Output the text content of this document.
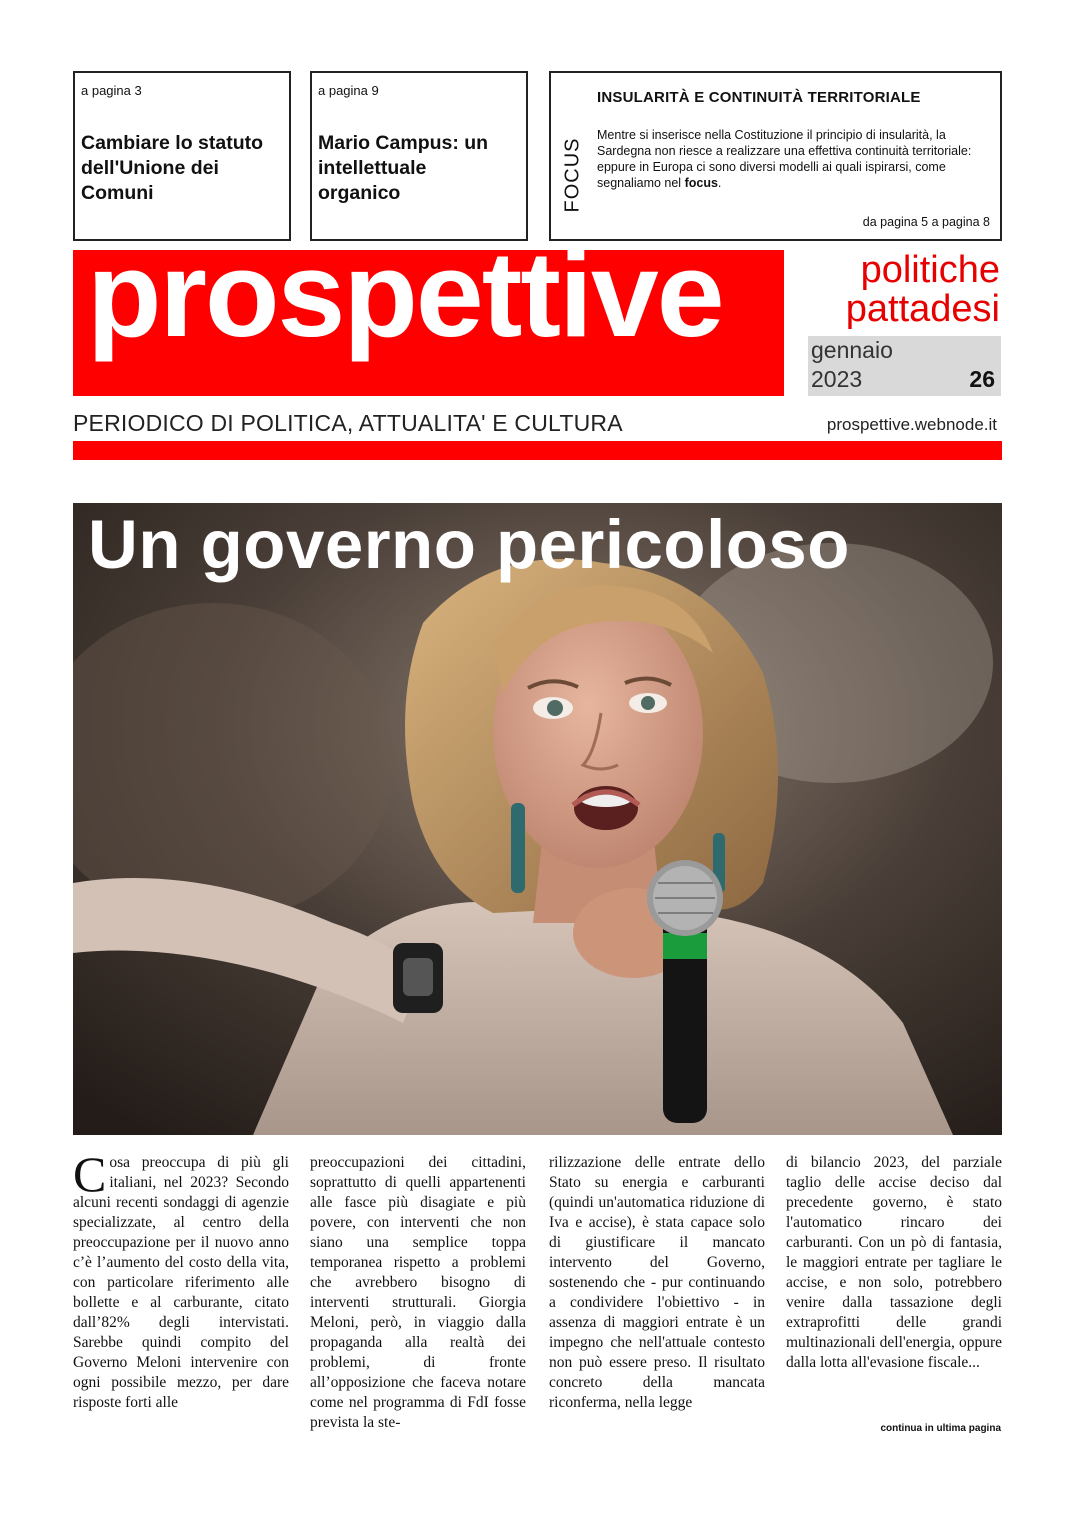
a pagina 3
Cambiare lo statuto dell'Unione dei Comuni
a pagina 9
Mario Campus: un intellettuale organico	FOCUS
INSULARITÀ E CONTINUITÀ TERRITORIALE
Mentre si inserisce nella Costituzione il principio di insularità, la Sardegna non riesce a realizzare una effettiva continuità territoriale: eppure in Europa ci sono diversi modelli ai quali ispirarsi, come segnaliamo nel focus.
da pagina 5 a pagina 8
prospettive	politiche
pattadesi
gennaio
2023	26
PERIODICO DI POLITICA, ATTUALITA' E CULTURA	prospettive.webnode.it
Un governo pericoloso
Cosa preoccupa di più gli italiani, nel 2023? Secondo alcuni recenti sondaggi di agenzie specializzate, al centro della preoccupazione per il nuovo anno c’è l’aumento del costo della vita, con particolare riferimento alle bollette e al carburante, citato dall’82% degli intervistati. Sarebbe quindi compito del Governo Meloni intervenire con ogni possibile mezzo, per dare risposte forti alle
preoccupazioni dei cittadini, soprattutto di quelli appartenenti alle fasce più disagiate e più povere, con interventi che non siano una semplice toppa temporanea rispetto a problemi che avrebbero bisogno di interventi strutturali. Giorgia Meloni, però, in viaggio dalla propaganda alla realtà dei problemi, di fronte all’opposizione che faceva notare come nel programma di FdI fosse prevista la ste-
rilizzazione delle entrate dello Stato su energia e carburanti (quindi un'automatica riduzione di Iva e accise), è stata capace solo di giustificare il mancato intervento del Governo, sostenendo che - pur continuando a condividere l'obiettivo - in assenza di maggiori entrate è un impegno che nell'attuale contesto non può essere preso. Il risultato concreto della mancata riconferma, nella legge
di bilancio 2023, del parziale taglio delle accise deciso dal precedente governo, è stato l'automatico rincaro dei carburanti. Con un pò di fantasia, le maggiori entrate per tagliare le accise, e non solo, potrebbero venire dalla tassazione degli extraprofitti delle grandi multinazionali dell'energia, oppure dalla lotta all'evasione fiscale...
continua in ultima pagina
